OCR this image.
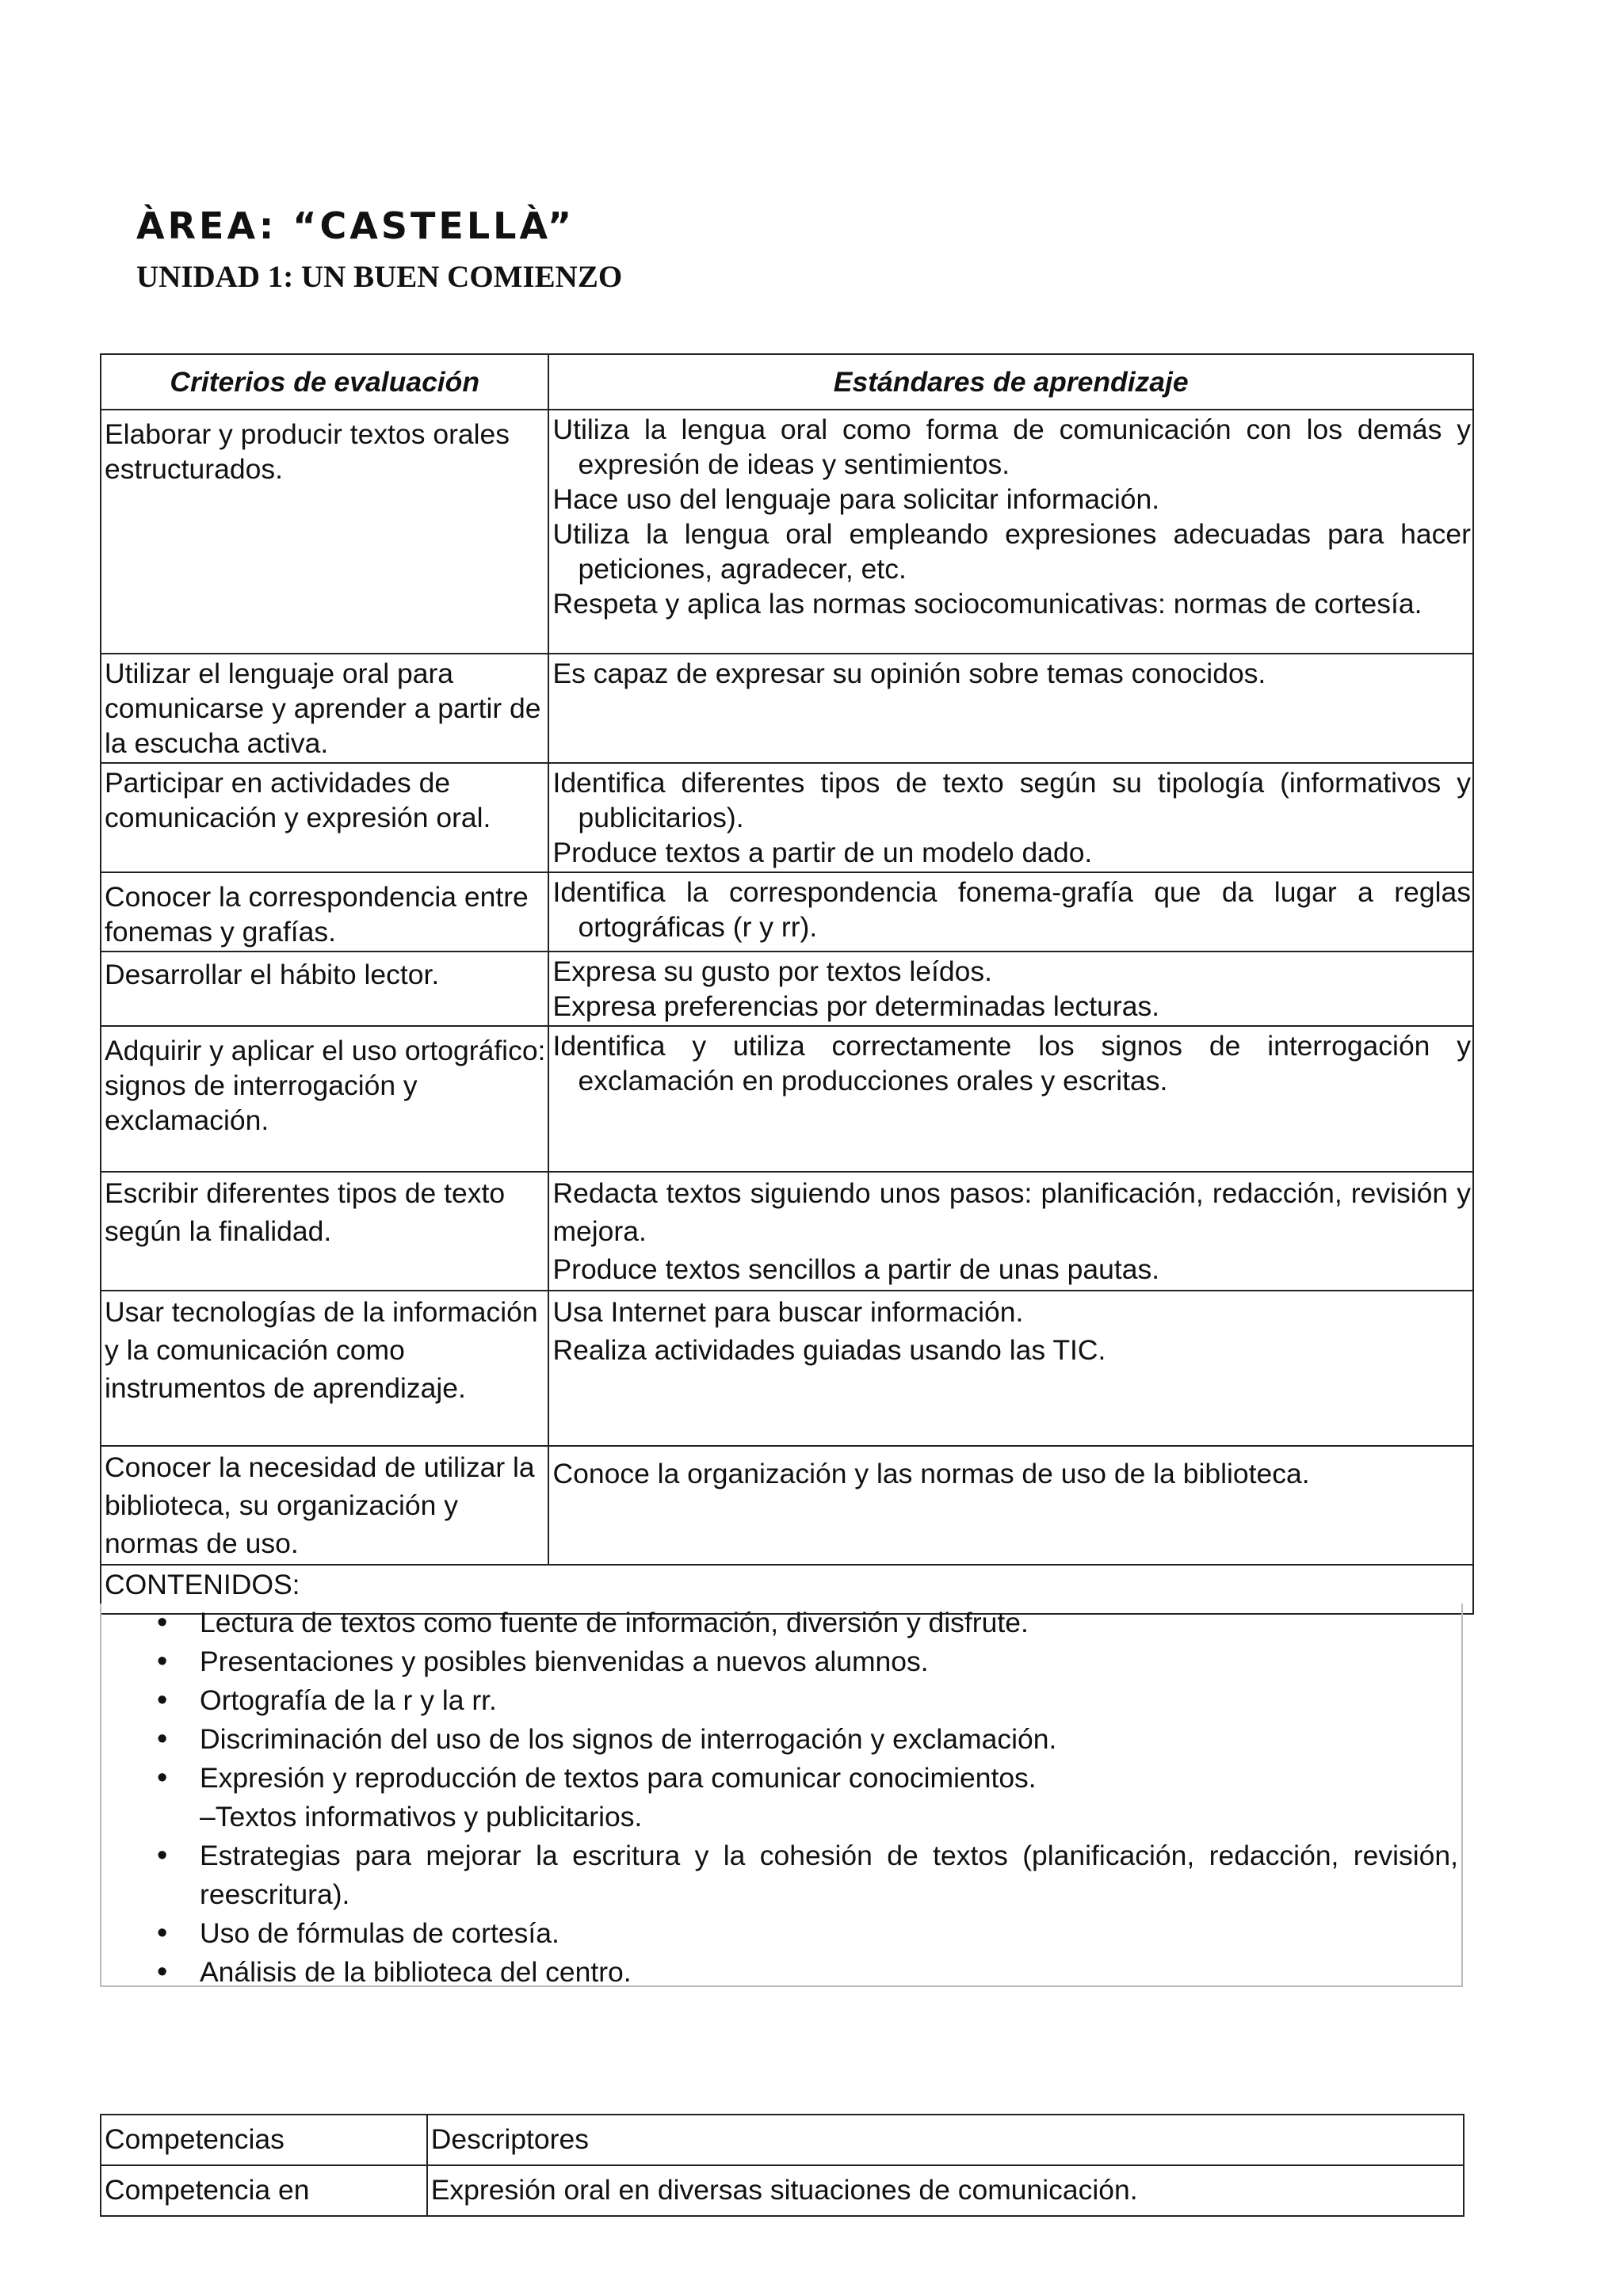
ÀREA: “CASTELLÀ”
UNIDAD 1: UN BUEN COMIENZO
Criterios de evaluación	Estándares de aprendizaje
Elaborar y producir textos orales estructurados.	Utiliza la lengua oral como forma de comunicación con los demás y expresión de ideas y sentimientos.
Hace uso del lenguaje para solicitar información.
Utiliza la lengua oral empleando expresiones adecuadas para hacer peticiones, agradecer, etc.
Respeta y aplica las normas sociocomunicativas: normas de cortesía.

Utilizar el lenguaje oral para comunicarse y aprender a partir de la escucha activa.	Es capaz de expresar su opinión sobre temas conocidos.

Participar en actividades de comunicación y expresión oral.	Identifica diferentes tipos de texto según su tipología (informativos y publicitarios).
Produce textos a partir de un modelo dado.

Conocer la correspondencia entre fonemas y grafías.	Identifica la correspondencia fonema-grafía que da lugar a reglas ortográficas (r y rr).

Desarrollar el hábito lector.	Expresa su gusto por textos leídos.
Expresa preferencias por determinadas lecturas.

Adquirir y aplicar el uso ortográfico:
signos de interrogación y exclamación.	Identifica y utiliza correctamente los signos de interrogación y exclamación en producciones orales y escritas.

Escribir diferentes tipos de texto según la finalidad.	Redacta textos siguiendo unos pasos: planificación, redacción, revisión y mejora.
Produce textos sencillos a partir de unas pautas.

Usar tecnologías de la información y la comunicación como instrumentos de aprendizaje.	Usa Internet para buscar información.
Realiza actividades guiadas usando las TIC.

Conocer la necesidad de utilizar la biblioteca, su organización y normas de uso.	Conoce la organización y las normas de uso de la biblioteca.

CONTENIDOS:	
• Lectura de textos como fuente de información, diversión y disfrute.
• Presentaciones y posibles bienvenidas a nuevos alumnos.
• Ortografía de la r y la rr.
• Discriminación del uso de los signos de interrogación y exclamación.
• Expresión y reproducción de textos para comunicar conocimientos.
–Textos informativos y publicitarios.
• Estrategias para mejorar la escritura y la cohesión de textos (planificación, redacción, revisión, reescritura).
• Uso de fórmulas de cortesía.
• Análisis de la biblioteca del centro.
Competencias	Descriptores
Competencia en	Expresión oral en diversas situaciones de comunicación.
